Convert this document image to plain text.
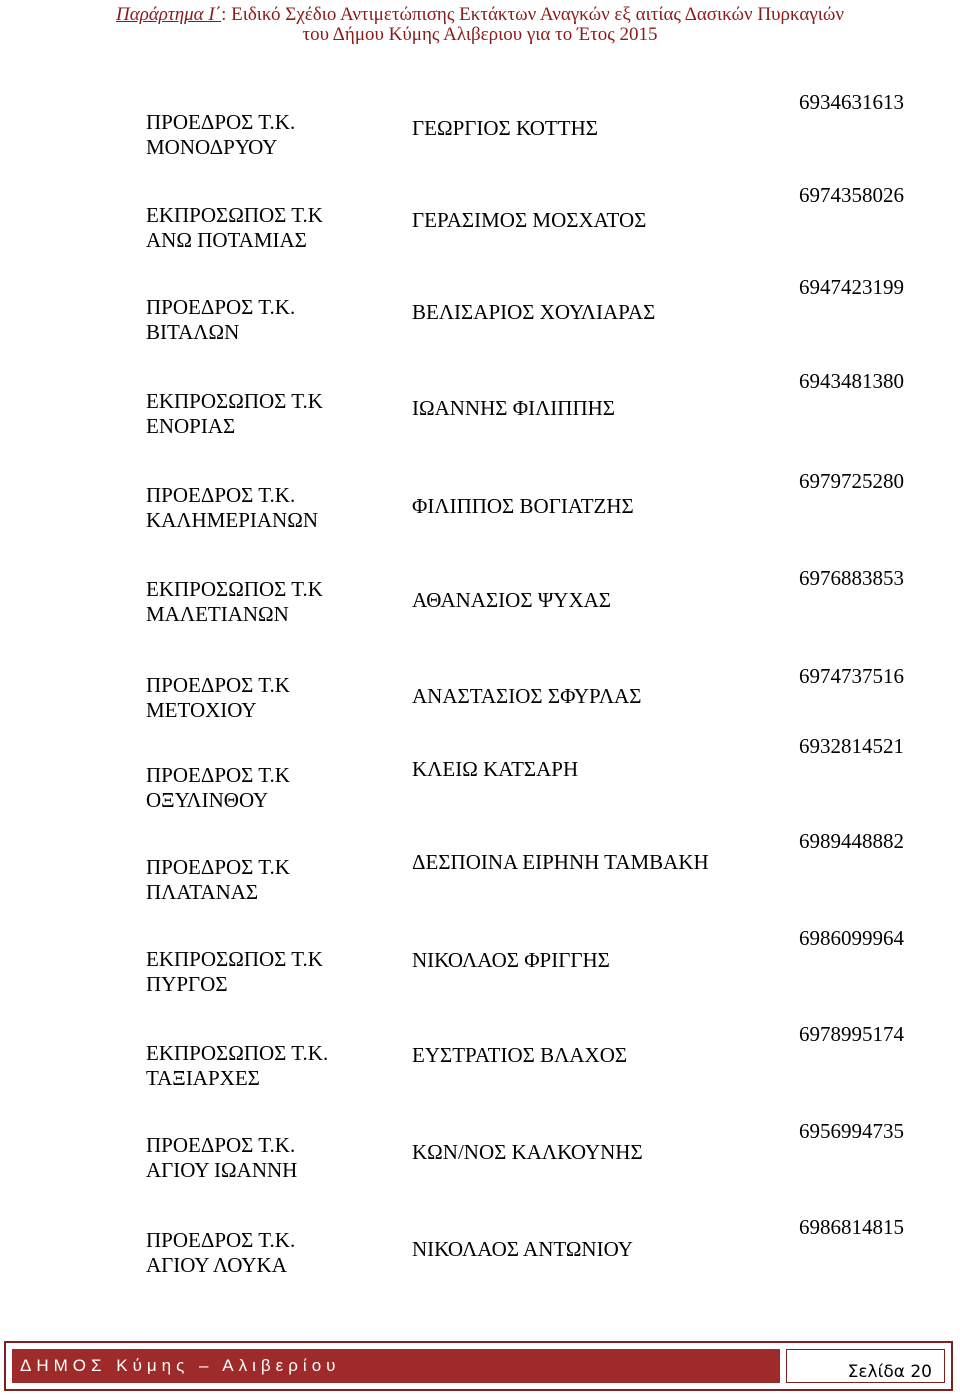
Παράρτημα Ι΄: Ειδικό Σχέδιο Αντιμετώπισης Εκτάκτων Αναγκών εξ αιτίας Δασικών Πυρκαγιών
του Δήμου Κύμης Αλιβεριου για το Έτος 2015
ΠΡΟΕΔΡΟΣ Τ.Κ.
ΜΟΝΟΔΡΥΟΥ
ΓΕΩΡΓΙΟΣ ΚΟΤΤΗΣ
6934631613
ΕΚΠΡΟΣΩΠΟΣ Τ.Κ
ΑΝΩ ΠΟΤΑΜΙΑΣ
ΓΕΡΑΣΙΜΟΣ ΜΟΣΧΑΤΟΣ
6974358026
ΠΡΟΕΔΡΟΣ Τ.Κ.
ΒΙΤΑΛΩΝ
ΒΕΛΙΣΑΡΙΟΣ ΧΟΥΛΙΑΡΑΣ
6947423199
ΕΚΠΡΟΣΩΠΟΣ Τ.Κ
ΕΝΟΡΙΑΣ
ΙΩΑΝΝΗΣ ΦΙΛΙΠΠΗΣ
6943481380
ΠΡΟΕΔΡΟΣ Τ.Κ.
ΚΑΛΗΜΕΡΙΑΝΩΝ
ΦΙΛΙΠΠΟΣ ΒΟΓΙΑΤΖΗΣ
6979725280
ΕΚΠΡΟΣΩΠΟΣ Τ.Κ
ΜΑΛΕΤΙΑΝΩΝ
ΑΘΑΝΑΣΙΟΣ ΨΥΧΑΣ
6976883853
ΠΡΟΕΔΡΟΣ Τ.Κ
ΜΕΤΟΧΙΟΥ
ΑΝΑΣΤΑΣΙΟΣ ΣΦΥΡΛΑΣ
6974737516
ΠΡΟΕΔΡΟΣ Τ.Κ
ΟΞΥΛΙΝΘΟΥ
ΚΛΕΙΩ ΚΑΤΣΑΡΗ
6932814521
ΠΡΟΕΔΡΟΣ Τ.Κ
ΠΛΑΤΑΝΑΣ
ΔΕΣΠΟΙΝΑ ΕΙΡΗΝΗ ΤΑΜΒΑΚΗ
6989448882
ΕΚΠΡΟΣΩΠΟΣ Τ.Κ
ΠΥΡΓΟΣ
ΝΙΚΟΛΑΟΣ ΦΡΙΓΓΗΣ
6986099964
ΕΚΠΡΟΣΩΠΟΣ Τ.Κ.
ΤΑΞΙΑΡΧΕΣ
ΕΥΣΤΡΑΤΙΟΣ ΒΛΑΧΟΣ
6978995174
ΠΡΟΕΔΡΟΣ Τ.Κ.
ΑΓΙΟΥ ΙΩΑΝΝΗ
ΚΩΝ/ΝΟΣ ΚΑΛΚΟΥΝΗΣ
6956994735
ΠΡΟΕΔΡΟΣ Τ.Κ.
ΑΓΙΟΥ ΛΟΥΚΑ
ΝΙΚΟΛΑΟΣ ΑΝΤΩΝΙΟΥ
6986814815
ΔΗΜΟΣ Κύμης – Αλιβερίου	Σελίδα 20
